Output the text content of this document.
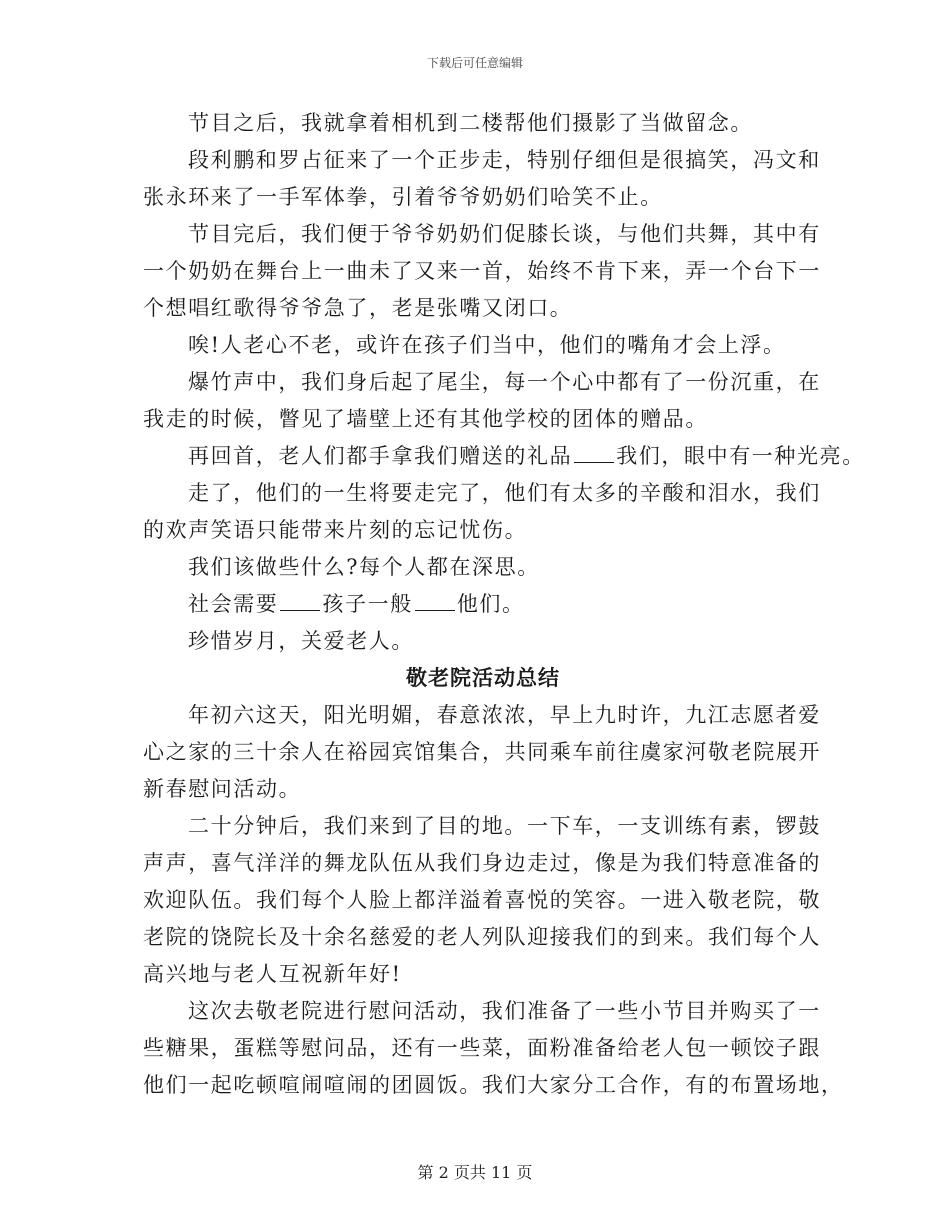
下载后可任意编辑
节目之后，我就拿着相机到二楼帮他们摄影了当做留念。
段利鹏和罗占征来了一个正步走，特别仔细但是很搞笑，冯文和
张永环来了一手军体拳，引着爷爷奶奶们哈笑不止。
节目完后，我们便于爷爷奶奶们促膝长谈，与他们共舞，其中有
一个奶奶在舞台上一曲未了又来一首，始终不肯下来，弄一个台下一
个想唱红歌得爷爷急了，老是张嘴又闭口。
唉!人老心不老，或许在孩子们当中，他们的嘴角才会上浮。
爆竹声中，我们身后起了尾尘，每一个心中都有了一份沉重，在
我走的时候，瞥见了墙壁上还有其他学校的团体的赠品。
再回首，老人们都手拿我们赠送的礼品 我们，眼中有一种光亮。
走了，他们的一生将要走完了，他们有太多的辛酸和泪水，我们
的欢声笑语只能带来片刻的忘记忧伤。
我们该做些什么?每个人都在深思。
社会需要 孩子一般 他们。
珍惜岁月，关爱老人。
敬老院活动总结
年初六这天，阳光明媚，春意浓浓，早上九时许，九江志愿者爱
心之家的三十余人在裕园宾馆集合，共同乘车前往虞家河敬老院展开
新春慰问活动。
二十分钟后，我们来到了目的地。一下车，一支训练有素，锣鼓
声声，喜气洋洋的舞龙队伍从我们身边走过，像是为我们特意准备的
欢迎队伍。我们每个人脸上都洋溢着喜悦的笑容。一进入敬老院，敬
老院的饶院长及十余名慈爱的老人列队迎接我们的到来。我们每个人
高兴地与老人互祝新年好!
这次去敬老院进行慰问活动，我们准备了一些小节目并购买了一
些糖果，蛋糕等慰问品，还有一些菜，面粉准备给老人包一顿饺子跟
他们一起吃顿喧闹喧闹的团圆饭。我们大家分工合作，有的布置场地，
第 2 页共 11 页
